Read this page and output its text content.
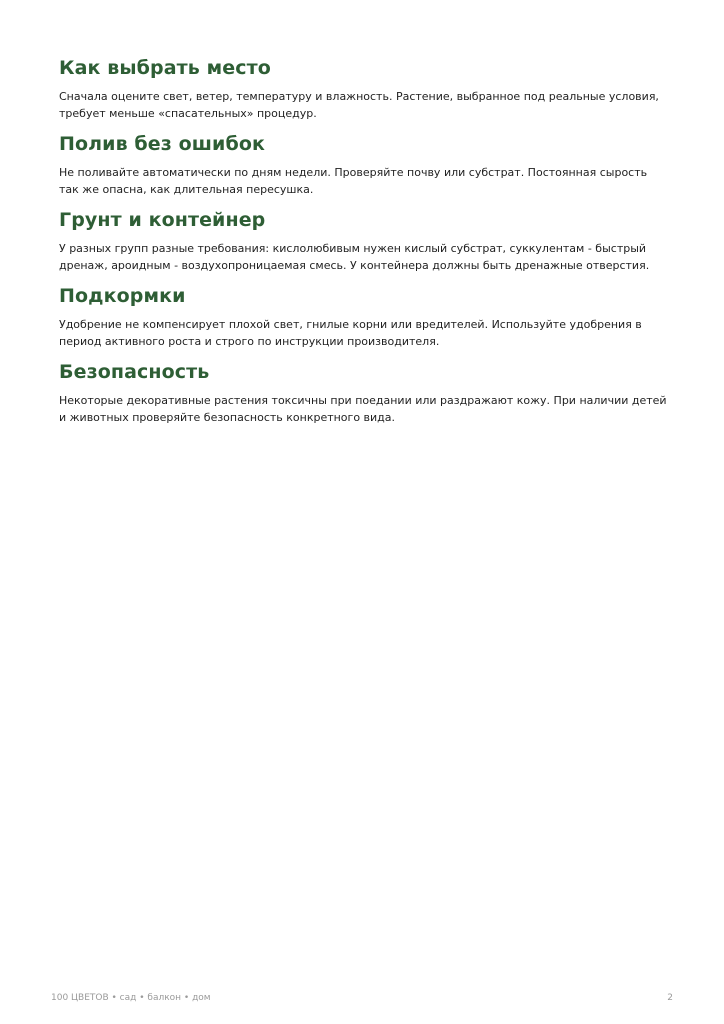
Как выбрать место

Сначала оцените свет, ветер, температуру и влажность. Растение, выбранное под реальные условия, требует меньше «спасательных» процедур.

Полив без ошибок

Не поливайте автоматически по дням недели. Проверяйте почву или субстрат. Постоянная сырость так же опасна, как длительная пересушка.

Грунт и контейнер

У разных групп разные требования: кислолюбивым нужен кислый субстрат, суккулентам - быстрый дренаж, ароидным - воздухопроницаемая смесь. У контейнера должны быть дренажные отверстия.

Подкормки

Удобрение не компенсирует плохой свет, гнилые корни или вредителей. Используйте удобрения в период активного роста и строго по инструкции производителя.

Безопасность

Некоторые декоративные растения токсичны при поедании или раздражают кожу. При наличии детей и животных проверяйте безопасность конкретного вида.

100 ЦВЕТОВ • сад • балкон • дом	2
